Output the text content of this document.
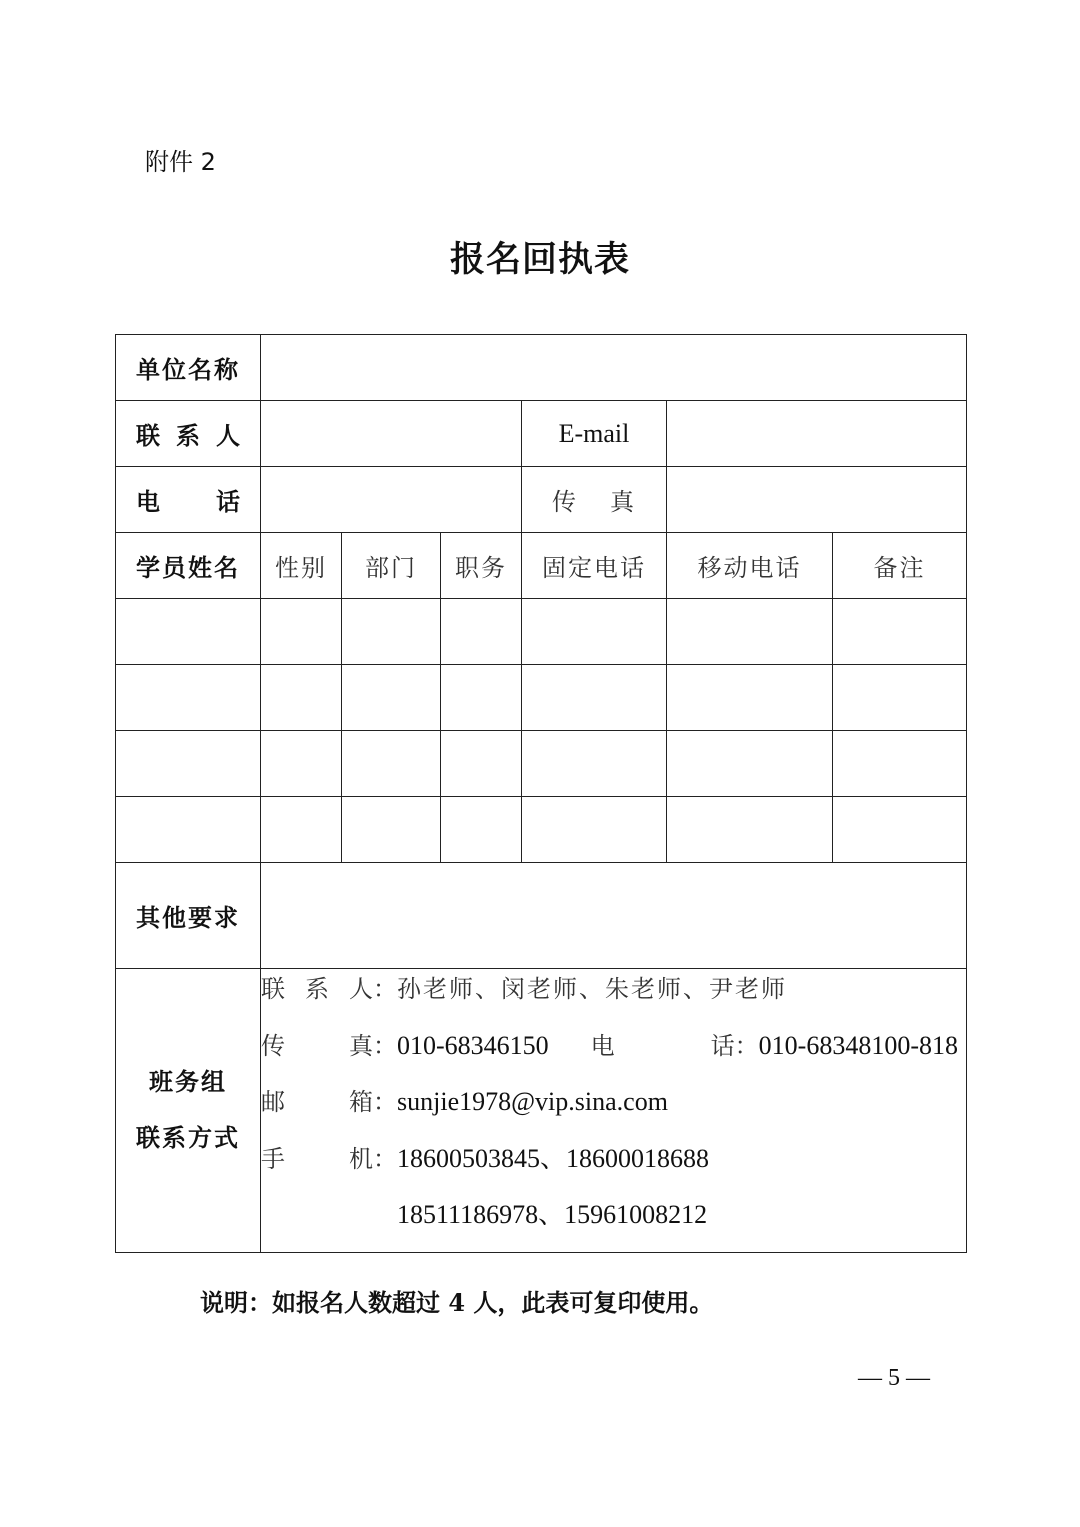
附件 2
报名回执表
单位名称						

联 系 人				E-mail		

电 话				传 真		

学员姓名	性别	部门	职务	固定电话	移动电话	备注

其他要求						

班务组
联系方式

联 系 人： 孙老师、闵老师、朱老师、尹老师
传	真： 010-68346150 电	话： 010-68348100-818
邮	箱： sunjie1978@vip.sina.com
手	机： 18600503845、18600018688
18511186978、15961008212
说明：如报名人数超过 4 人，此表可复印使用。
— 5 —
